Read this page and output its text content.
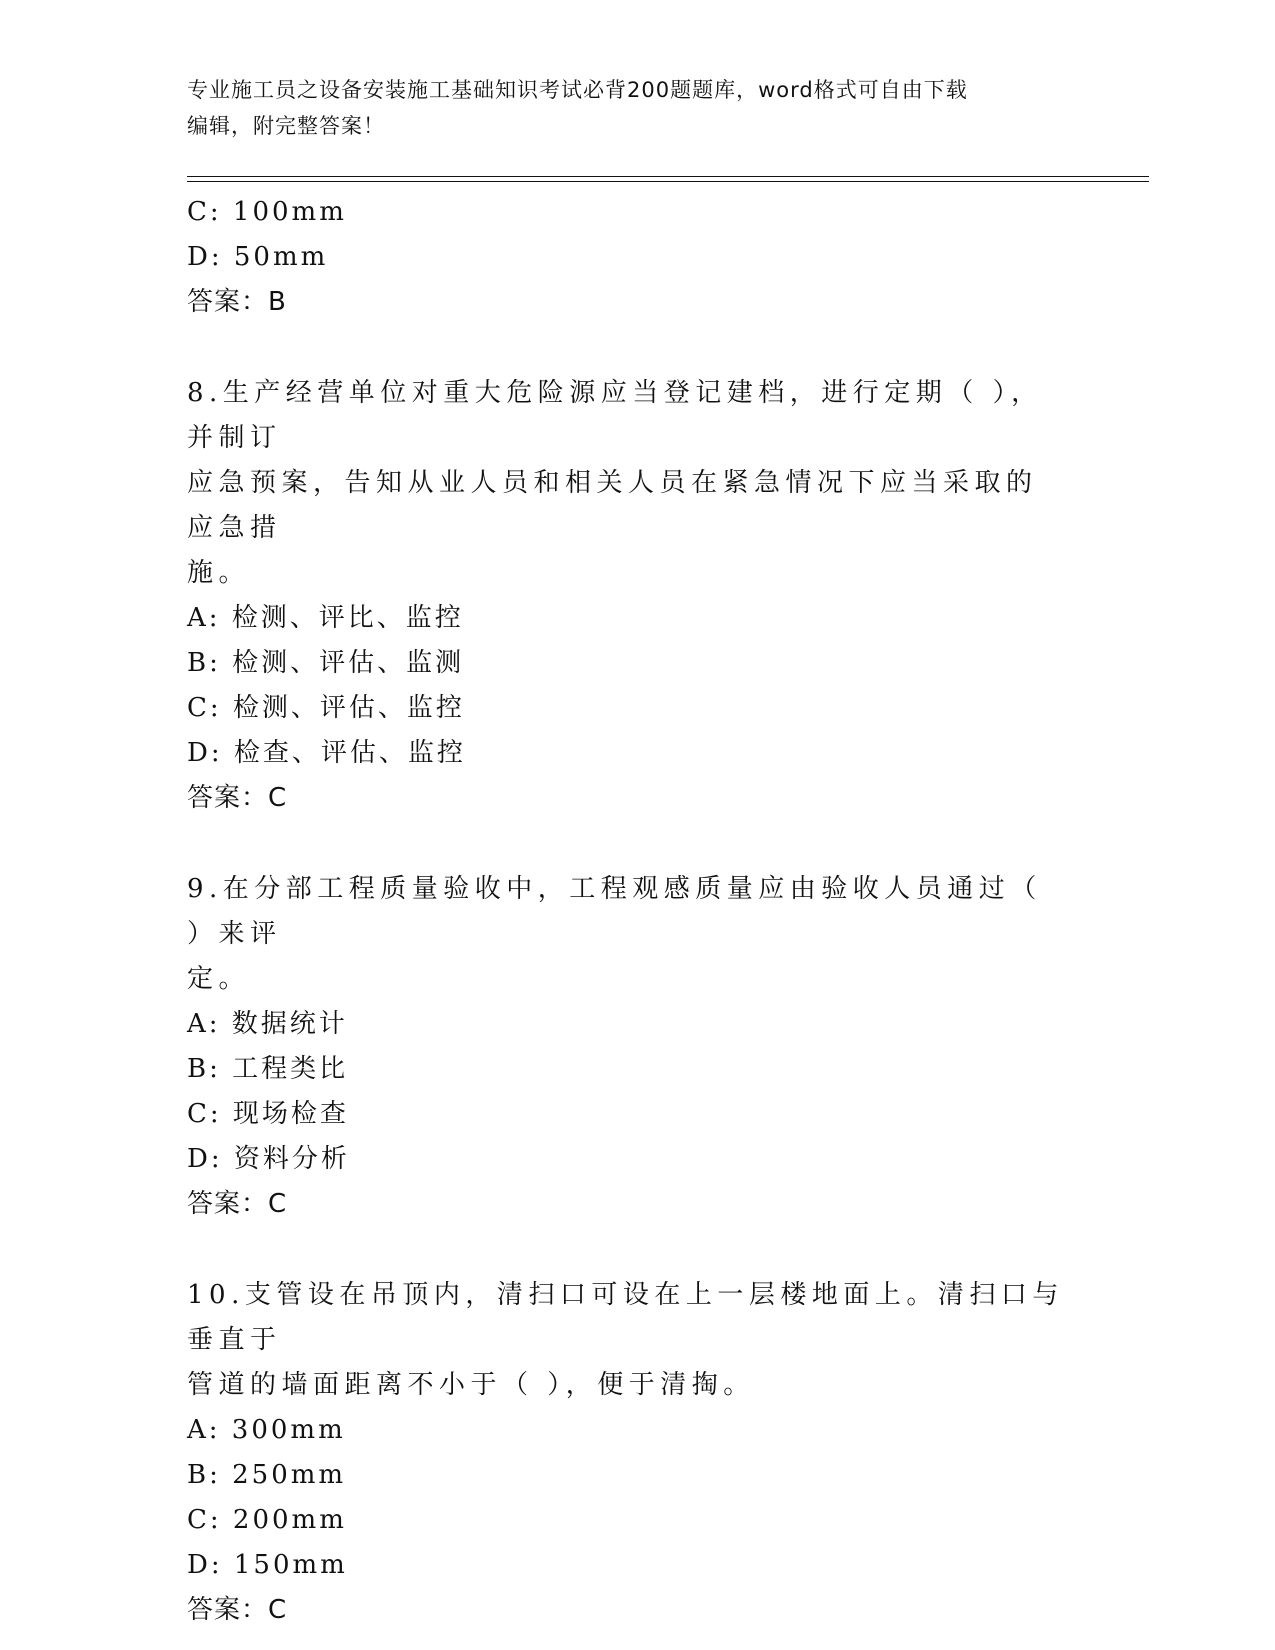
专业施工员之设备安装施工基础知识考试必背200题题库，word格式可自由下载
编辑，附完整答案！
C: 100mm
D: 50mm
答案：B
8.生产经营单位对重大危险源应当登记建档，进行定期（ ），并制订
应急预案，告知从业人员和相关人员在紧急情况下应当采取的应急措
施。
A: 检测、评比、监控
B: 检测、评估、监测
C: 检测、评估、监控
D: 检查、评估、监控
答案：C
9.在分部工程质量验收中，工程观感质量应由验收人员通过（ ）来评
定。
A: 数据统计
B: 工程类比
C: 现场检查
D: 资料分析
答案：C
10.支管设在吊顶内，清扫口可设在上一层楼地面上。清扫口与垂直于
管道的墙面距离不小于（ ），便于清掏。
A: 300mm
B: 250mm
C: 200mm
D: 150mm
答案：C
